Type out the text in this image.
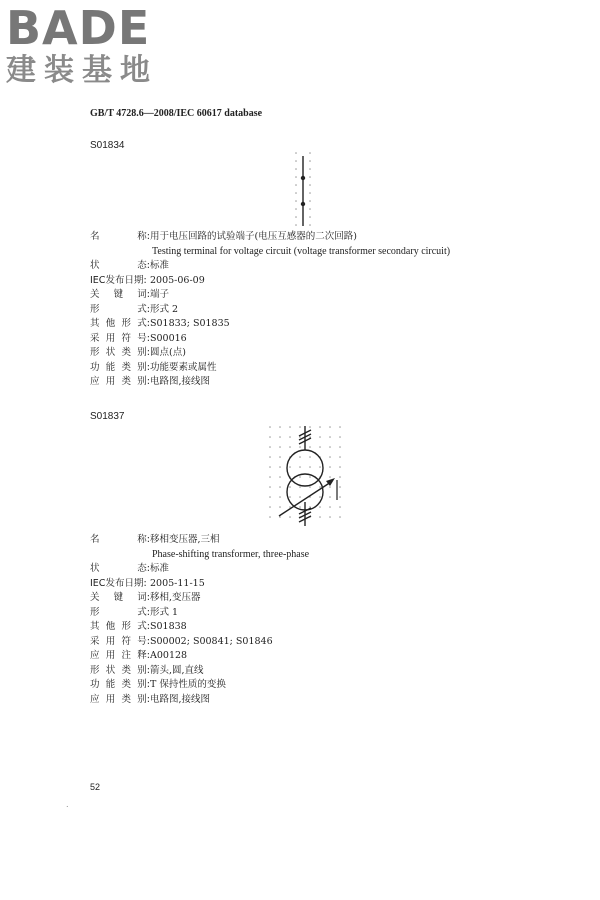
BADE
建装基地
GB/T 4728.6—2008/IEC 60617 database
S01834
名	称: 用于电压回路的试验端子(电压互感器的二次回路)
Testing terminal for voltage circuit (voltage transformer secondary circuit)
状	态: 标准
IEC发布日期: 2005-06-09
关 键 词: 端子
形	式: 形式 2
其 他 形 式: S01833; S01835
采 用 符 号: S00016
形 状 类 别: 圆点(点)
功 能 类 别: 功能要素或属性
应 用 类 别: 电路图,接线图
S01837
名	称: 移相变压器,三相
Phase-shifting transformer, three-phase
状	态: 标准
IEC发布日期: 2005-11-15
关 键 词: 移相,变压器
形	式: 形式 1
其 他 形 式: S01838
采 用 符 号: S00002; S00841; S01846
应 用 注 释: A00128
形 状 类 别: 箭头,圆,直线
功 能 类 别: T 保持性质的变换
应 用 类 别: 电路图,接线图
52
.
